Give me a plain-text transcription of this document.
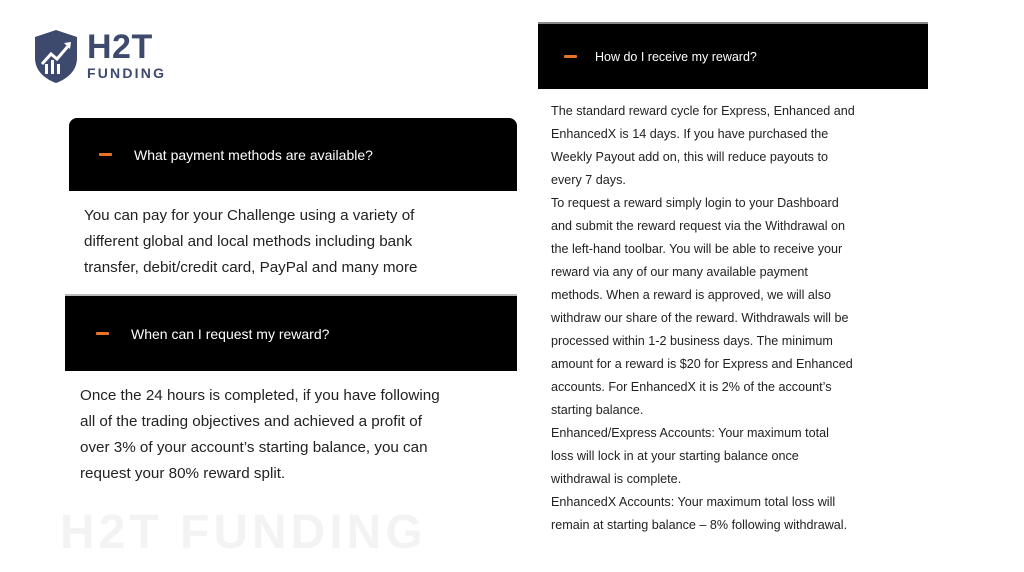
H2T FUNDING
H2T
FUNDING
What payment methods are available?
You can pay for your Challenge using a variety of
different global and local methods including bank
transfer, debit/credit card, PayPal and many more
When can I request my reward?
Once the 24 hours is completed, if you have following
all of the trading objectives and achieved a profit of
over 3% of your account’s starting balance, you can
request your 80% reward split.
How do I receive my reward?
The standard reward cycle for Express, Enhanced and
EnhancedX is 14 days. If you have purchased the
Weekly Payout add on, this will reduce payouts to
every 7 days.
To request a reward simply login to your Dashboard
and submit the reward request via the Withdrawal on
the left-hand toolbar. You will be able to receive your
reward via any of our many available payment
methods. When a reward is approved, we will also
withdraw our share of the reward. Withdrawals will be
processed within 1-2 business days. The minimum
amount for a reward is $20 for Express and Enhanced
accounts. For EnhancedX it is 2% of the account’s
starting balance.
Enhanced/Express Accounts: Your maximum total
loss will lock in at your starting balance once
withdrawal is complete.
EnhancedX Accounts: Your maximum total loss will
remain at starting balance – 8% following withdrawal.
